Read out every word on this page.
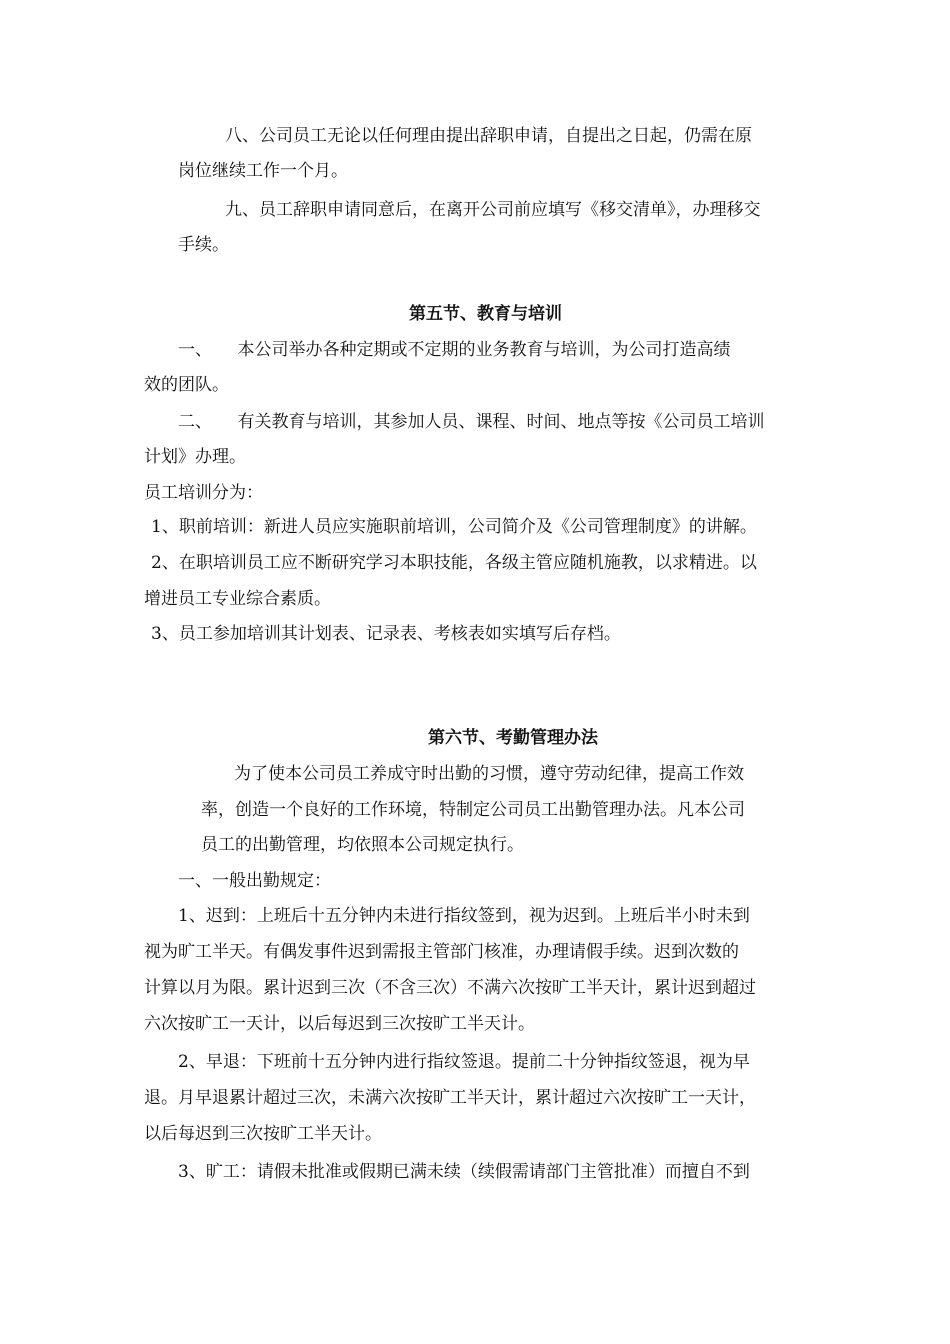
八、公司员工无论以任何理由提出辞职申请，自提出之日起，仍需在原
岗位继续工作一个月。
九、员工辞职申请同意后，在离开公司前应填写《移交清单》，办理移交
手续。
第五节、教育与培训
一、　　本公司举办各种定期或不定期的业务教育与培训，为公司打造高绩
效的团队。
二、　　有关教育与培训，其参加人员、课程、时间、地点等按《公司员工培训
计划》办理。
员工培训分为：
1、职前培训：新进人员应实施职前培训，公司简介及《公司管理制度》的讲解。
2、在职培训员工应不断研究学习本职技能，各级主管应随机施教，以求精进。以
增进员工专业综合素质。
3、员工参加培训其计划表、记录表、考核表如实填写后存档。
第六节、考勤管理办法
为了使本公司员工养成守时出勤的习惯，遵守劳动纪律，提高工作效
率，创造一个良好的工作环境，特制定公司员工出勤管理办法。凡本公司
员工的出勤管理，均依照本公司规定执行。
一、一般出勤规定：
1、迟到：上班后十五分钟内未进行指纹签到，视为迟到。上班后半小时未到
视为旷工半天。有偶发事件迟到需报主管部门核准，办理请假手续。迟到次数的
计算以月为限。累计迟到三次（不含三次）不满六次按旷工半天计，累计迟到超过
六次按旷工一天计，以后每迟到三次按旷工半天计。
2、早退：下班前十五分钟内进行指纹签退。提前二十分钟指纹签退，视为早
退。月早退累计超过三次，未满六次按旷工半天计，累计超过六次按旷工一天计，
以后每迟到三次按旷工半天计。
3、旷工：请假未批准或假期已满未续（续假需请部门主管批准）而擅自不到
